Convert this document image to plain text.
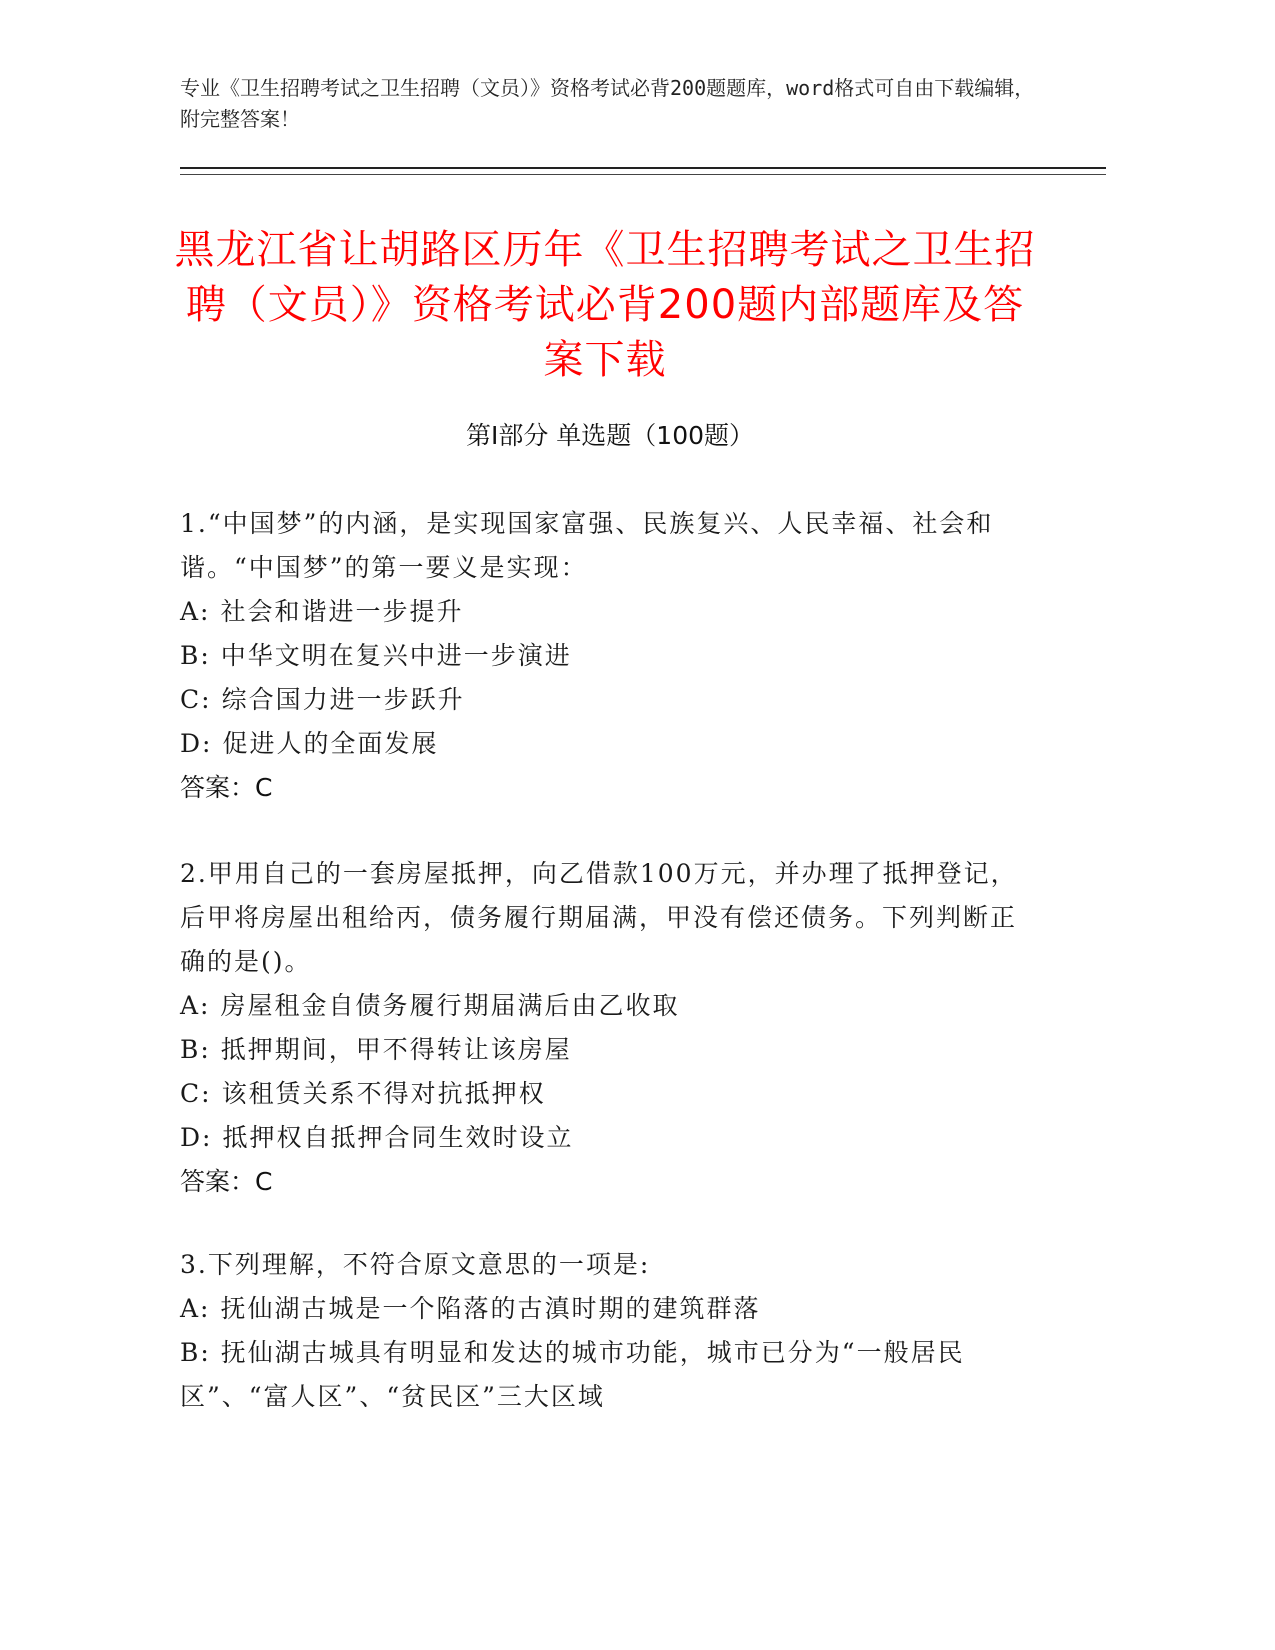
专业《卫生招聘考试之卫生招聘（文员）》资格考试必背200题题库，word格式可自由下载编辑，附完整答案！
黑龙江省让胡路区历年《卫生招聘考试之卫生招聘（文员）》资格考试必背200题内部题库及答案下载
第Ⅰ部分 单选题（100题）
1.“中国梦”的内涵，是实现国家富强、民族复兴、人民幸福、社会和谐。“中国梦”的第一要义是实现：
A: 社会和谐进一步提升
B: 中华文明在复兴中进一步演进
C: 综合国力进一步跃升
D: 促进人的全面发展
答案：C
2.甲用自己的一套房屋抵押，向乙借款100万元，并办理了抵押登记，后甲将房屋出租给丙，债务履行期届满，甲没有偿还债务。下列判断正确的是()。
A: 房屋租金自债务履行期届满后由乙收取
B: 抵押期间，甲不得转让该房屋
C: 该租赁关系不得对抗抵押权
D: 抵押权自抵押合同生效时设立
答案：C
3.下列理解，不符合原文意思的一项是:
A: 抚仙湖古城是一个陷落的古滇时期的建筑群落
B: 抚仙湖古城具有明显和发达的城市功能，城市已分为“一般居民区”、“富人区”、“贫民区”三大区域
